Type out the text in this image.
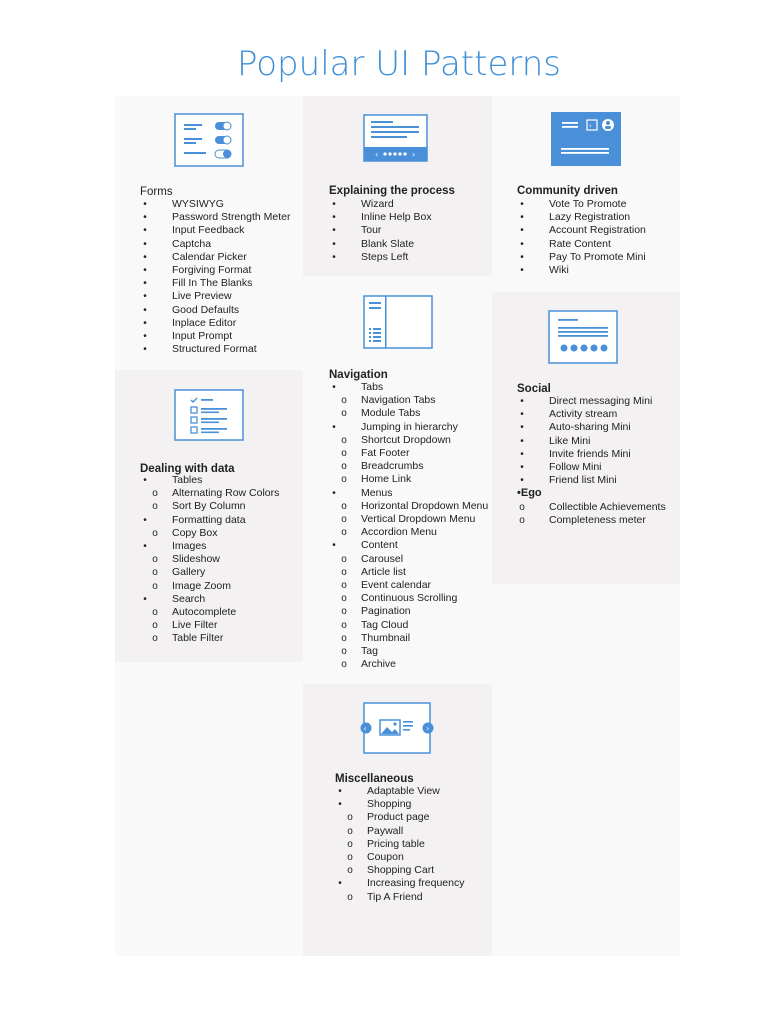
Popular UI Patterns
‹	›
›
‹	›
Forms	Explaining the process	Community driven
Navigation
Social
Dealing with data
Miscellaneous
•	WYSIWYG
•	Password Strength Meter
•	Input Feedback
•	Captcha
•	Calendar Picker
•	Forgiving Format
•	Fill In The Blanks
•	Live Preview
•	Good Defaults
•	Inplace Editor
•	Input Prompt
•	Structured Format
•	Wizard
•	Inline Help Box
•	Tour
•	Blank Slate
•	Steps Left
•	Vote To Promote
•	Lazy Registration
•	Account Registration
•	Rate Content
•	Pay To Promote Mini
•	Wiki
•	Tabs
o	Navigation Tabs
o	Module Tabs
•	Jumping in hierarchy
o	Shortcut Dropdown
o	Fat Footer
o	Breadcrumbs
o	Home Link
•	Menus
o	Horizontal Dropdown Menu
o	Vertical Dropdown Menu
o	Accordion Menu
•	Content
o	Carousel
o	Article list
o	Event calendar
o	Continuous Scrolling
o	Pagination
o	Tag Cloud
o	Thumbnail
o	Tag
o	Archive
•	Direct messaging Mini
•	Activity stream
•	Auto-sharing Mini
•	Like Mini
•	Invite friends Mini
•	Follow Mini
•	Friend list Mini
•Ego
o	Collectible Achievements
o	Completeness meter
•	Tables
o	Alternating Row Colors
o	Sort By Column
•	Formatting data
o	Copy Box
•	Images
o	Slideshow
o	Gallery
o	Image Zoom
•	Search
o	Autocomplete
o	Live Filter
o	Table Filter
•	Adaptable View
•	Shopping
o	Product page
o	Paywall
o	Pricing table
o	Coupon
o	Shopping Cart
•	Increasing frequency
o	Tip A Friend
